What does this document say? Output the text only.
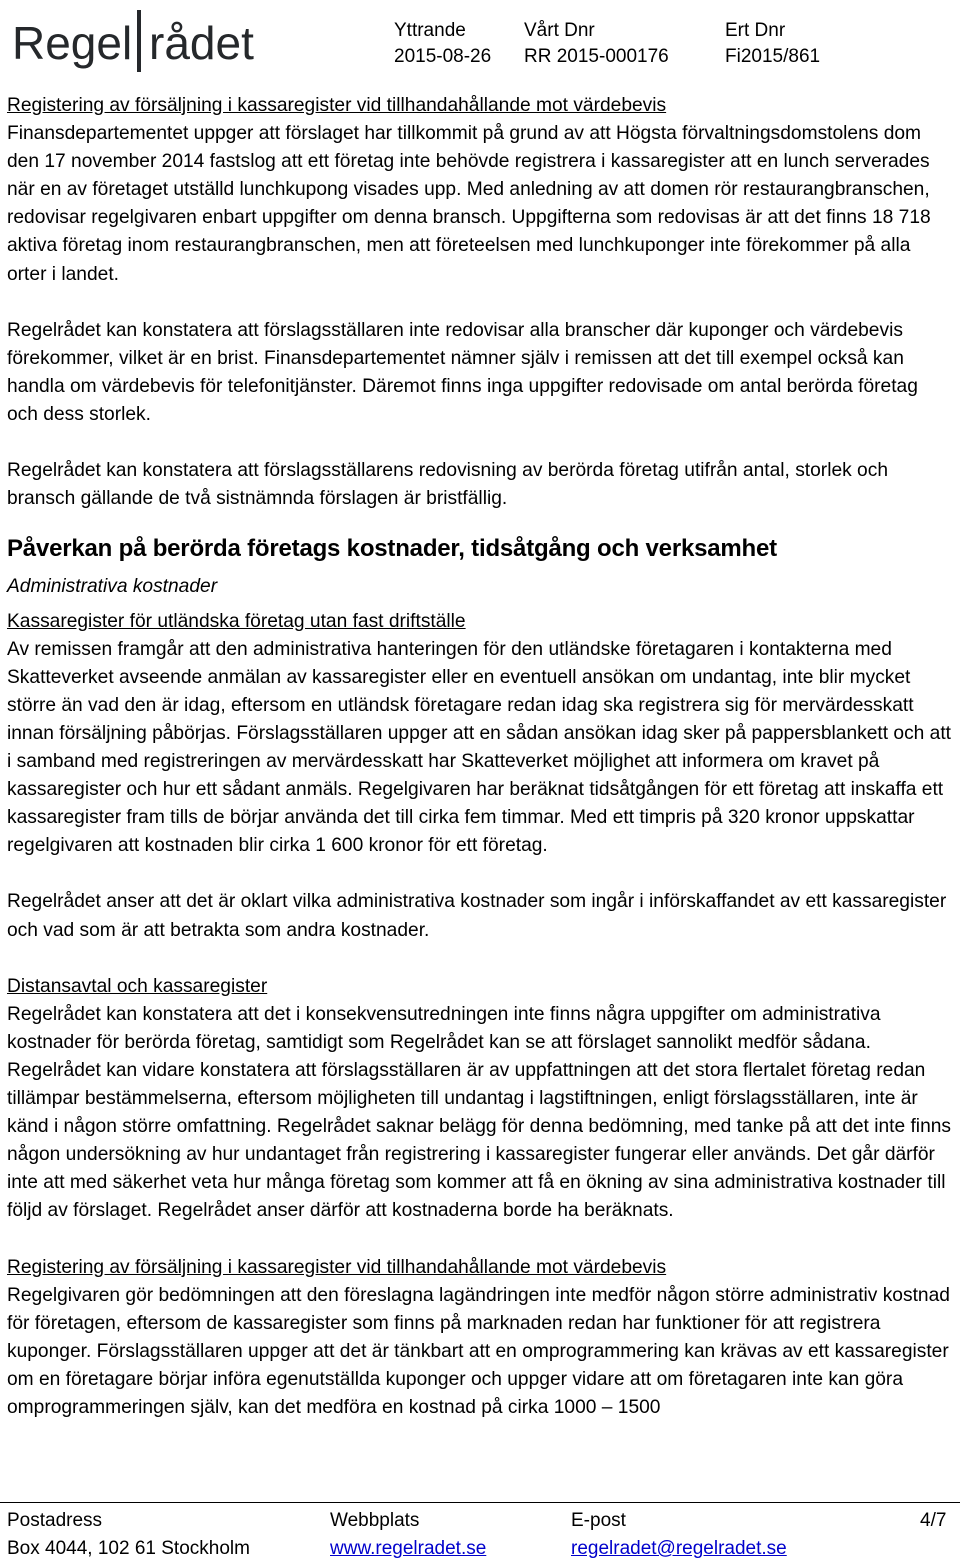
Regel rådet	Yttrande
2015-08-26
Vårt Dnr
RR 2015-000176
Ert Dnr
Fi2015/861

Registering av försäljning i kassaregister vid tillhandahållande mot värdebevis

Finansdepartementet uppger att förslaget har tillkommit på grund av att Högsta förvaltningsdomstolens dom den 17 november 2014 fastslog att ett företag inte behövde registrera i kassaregister att en lunch serverades när en av företaget utställd lunchkupong visades upp. Med anledning av att domen rör restaurangbranschen, redovisar regelgivaren enbart uppgifter om denna bransch. Uppgifterna som redovisas är att det finns 18 718 aktiva företag inom restaurangbranschen, men att företeelsen med lunchkuponger inte förekommer på alla orter i landet.

Regelrådet kan konstatera att förslagsställaren inte redovisar alla branscher där kuponger och värdebevis förekommer, vilket är en brist. Finansdepartementet nämner själv i remissen att det till exempel också kan handla om värdebevis för telefonitjänster. Däremot finns inga uppgifter redovisade om antal berörda företag och dess storlek.

Regelrådet kan konstatera att förslagsställarens redovisning av berörda företag utifrån antal, storlek och bransch gällande de två sistnämnda förslagen är bristfällig.

Påverkan på berörda företags kostnader, tidsåtgång och verksamhet

Administrativa kostnader

Kassaregister för utländska företag utan fast driftställe

Av remissen framgår att den administrativa hanteringen för den utländske företagaren i kontakterna med Skatteverket avseende anmälan av kassaregister eller en eventuell ansökan om undantag, inte blir mycket större än vad den är idag, eftersom en utländsk företagare redan idag ska registrera sig för mervärdesskatt innan försäljning påbörjas. Förslagsställaren uppger att en sådan ansökan idag sker på pappersblankett och att i samband med registreringen av mervärdesskatt har Skatteverket möjlighet att informera om kravet på kassaregister och hur ett sådant anmäls. Regelgivaren har beräknat tidsåtgången för ett företag att inskaffa ett kassaregister fram tills de börjar använda det till cirka fem timmar. Med ett timpris på 320 kronor uppskattar regelgivaren att kostnaden blir cirka 1 600 kronor för ett företag.

Regelrådet anser att det är oklart vilka administrativa kostnader som ingår i införskaffandet av ett kassaregister och vad som är att betrakta som andra kostnader.

Distansavtal och kassaregister

Regelrådet kan konstatera att det i konsekvensutredningen inte finns några uppgifter om administrativa kostnader för berörda företag, samtidigt som Regelrådet kan se att förslaget sannolikt medför sådana. Regelrådet kan vidare konstatera att förslagsställaren är av uppfattningen att det stora flertalet företag redan tillämpar bestämmelserna, eftersom möjligheten till undantag i lagstiftningen, enligt förslagsställaren, inte är känd i någon större omfattning. Regelrådet saknar belägg för denna bedömning, med tanke på att det inte finns någon undersökning av hur undantaget från registrering i kassaregister fungerar eller används. Det går därför inte att med säkerhet veta hur många företag som kommer att få en ökning av sina administrativa kostnader till följd av förslaget. Regelrådet anser därför att kostnaderna borde ha beräknats.

Registering av försäljning i kassaregister vid tillhandahållande mot värdebevis

Regelgivaren gör bedömningen att den föreslagna lagändringen inte medför någon större administrativ kostnad för företagen, eftersom de kassaregister som finns på marknaden redan har funktioner för att registrera kuponger. Förslagsställaren uppger att det är tänkbart att en omprogrammering kan krävas av ett kassaregister om en företagare börjar införa egenutställda kuponger och uppger vidare att om företagaren inte kan göra omprogrammeringen själv, kan det medföra en kostnad på cirka 1000 – 1500

Postadress
Box 4044, 102 61 Stockholm
Webbplats
www.regelradet.se
E-post
regelradet@regelradet.se
4/7
